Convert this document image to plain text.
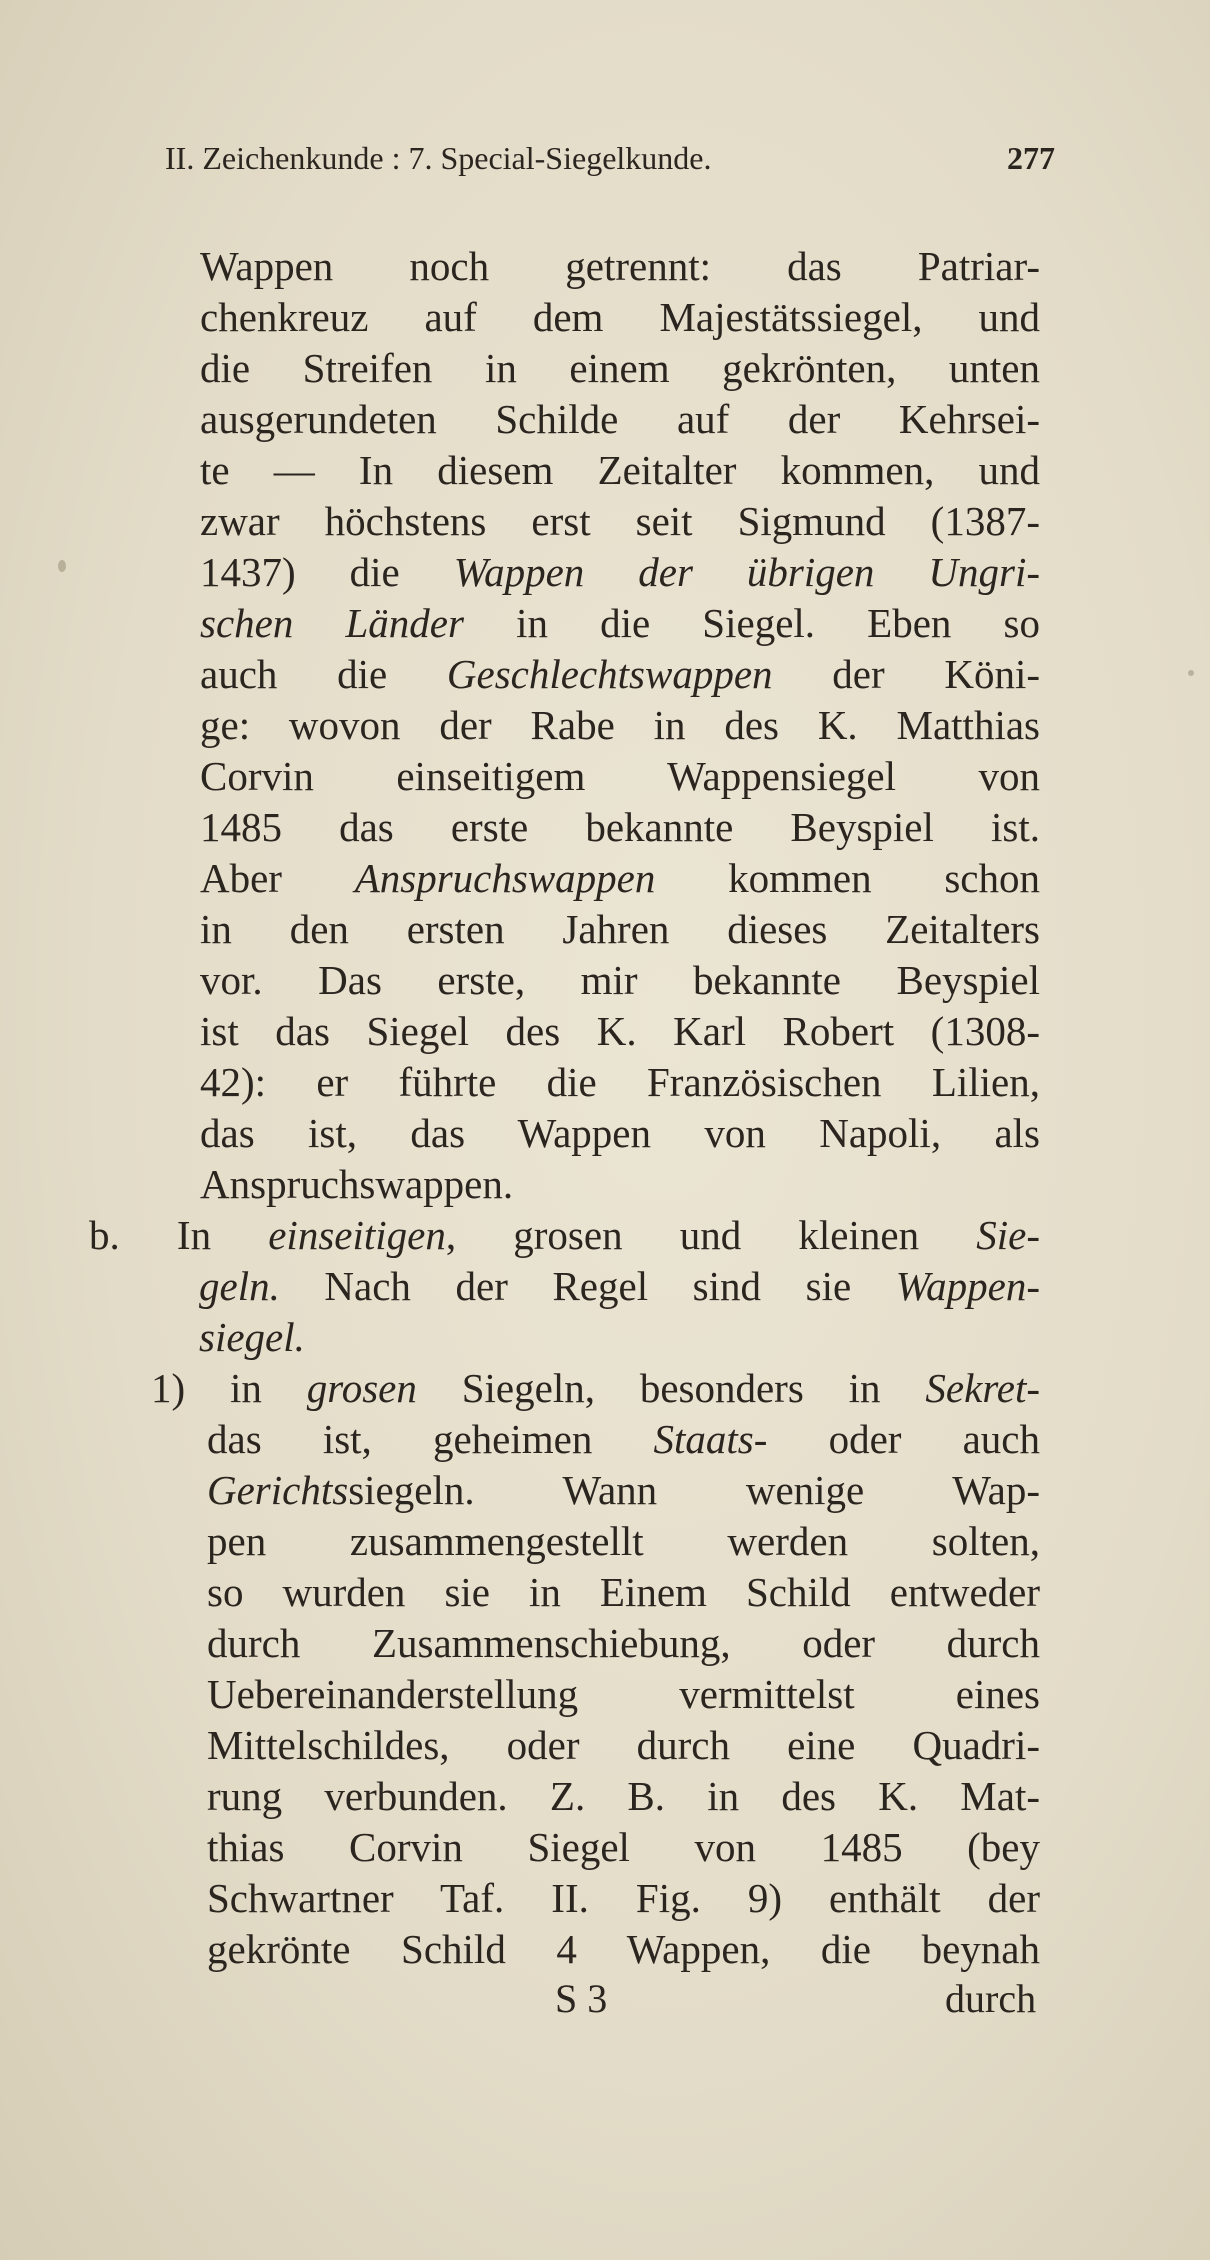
II. Zeichenkunde : 7. Special-Siegelkunde.	277
Wappen noch getrennt: das Patriar-
chenkreuz auf dem Majestätssiegel, und
die Streifen in einem gekrönten, unten
ausgerundeten Schilde auf der Kehrsei-
te — In diesem Zeitalter kommen, und
zwar höchstens erst seit Sigmund (1387-
1437) die Wappen der übrigen Ungri-
schen Länder in die Siegel. Eben so
auch die Geschlechtswappen der Köni-
ge: wovon der Rabe in des K. Matthias
Corvin einseitigem Wappensiegel von
1485 das erste bekannte Beyspiel ist.
Aber Anspruchswappen kommen schon
in den ersten Jahren dieses Zeitalters
vor. Das erste, mir bekannte Beyspiel
ist das Siegel des K. Karl Robert (1308-
42): er führte die Französischen Lilien,
das ist, das Wappen von Napoli, als
Anspruchswappen.
b. In einseitigen, grosen und kleinen Sie-
geln. Nach der Regel sind sie Wappen-
siegel.
1) in grosen Siegeln, besonders in Sekret-
das ist, geheimen Staats- oder auch
Gerichtssiegeln. Wann wenige Wap-
pen zusammengestellt werden solten,
so wurden sie in Einem Schild entweder
durch Zusammenschiebung, oder durch
Uebereinanderstellung vermittelst eines
Mittelschildes, oder durch eine Quadri-
rung verbunden. Z. B. in des K. Mat-
thias Corvin Siegel von 1485 (bey
Schwartner Taf. II. Fig. 9) enthält der
gekrönte Schild 4 Wappen, die beynah
S 3	durch
